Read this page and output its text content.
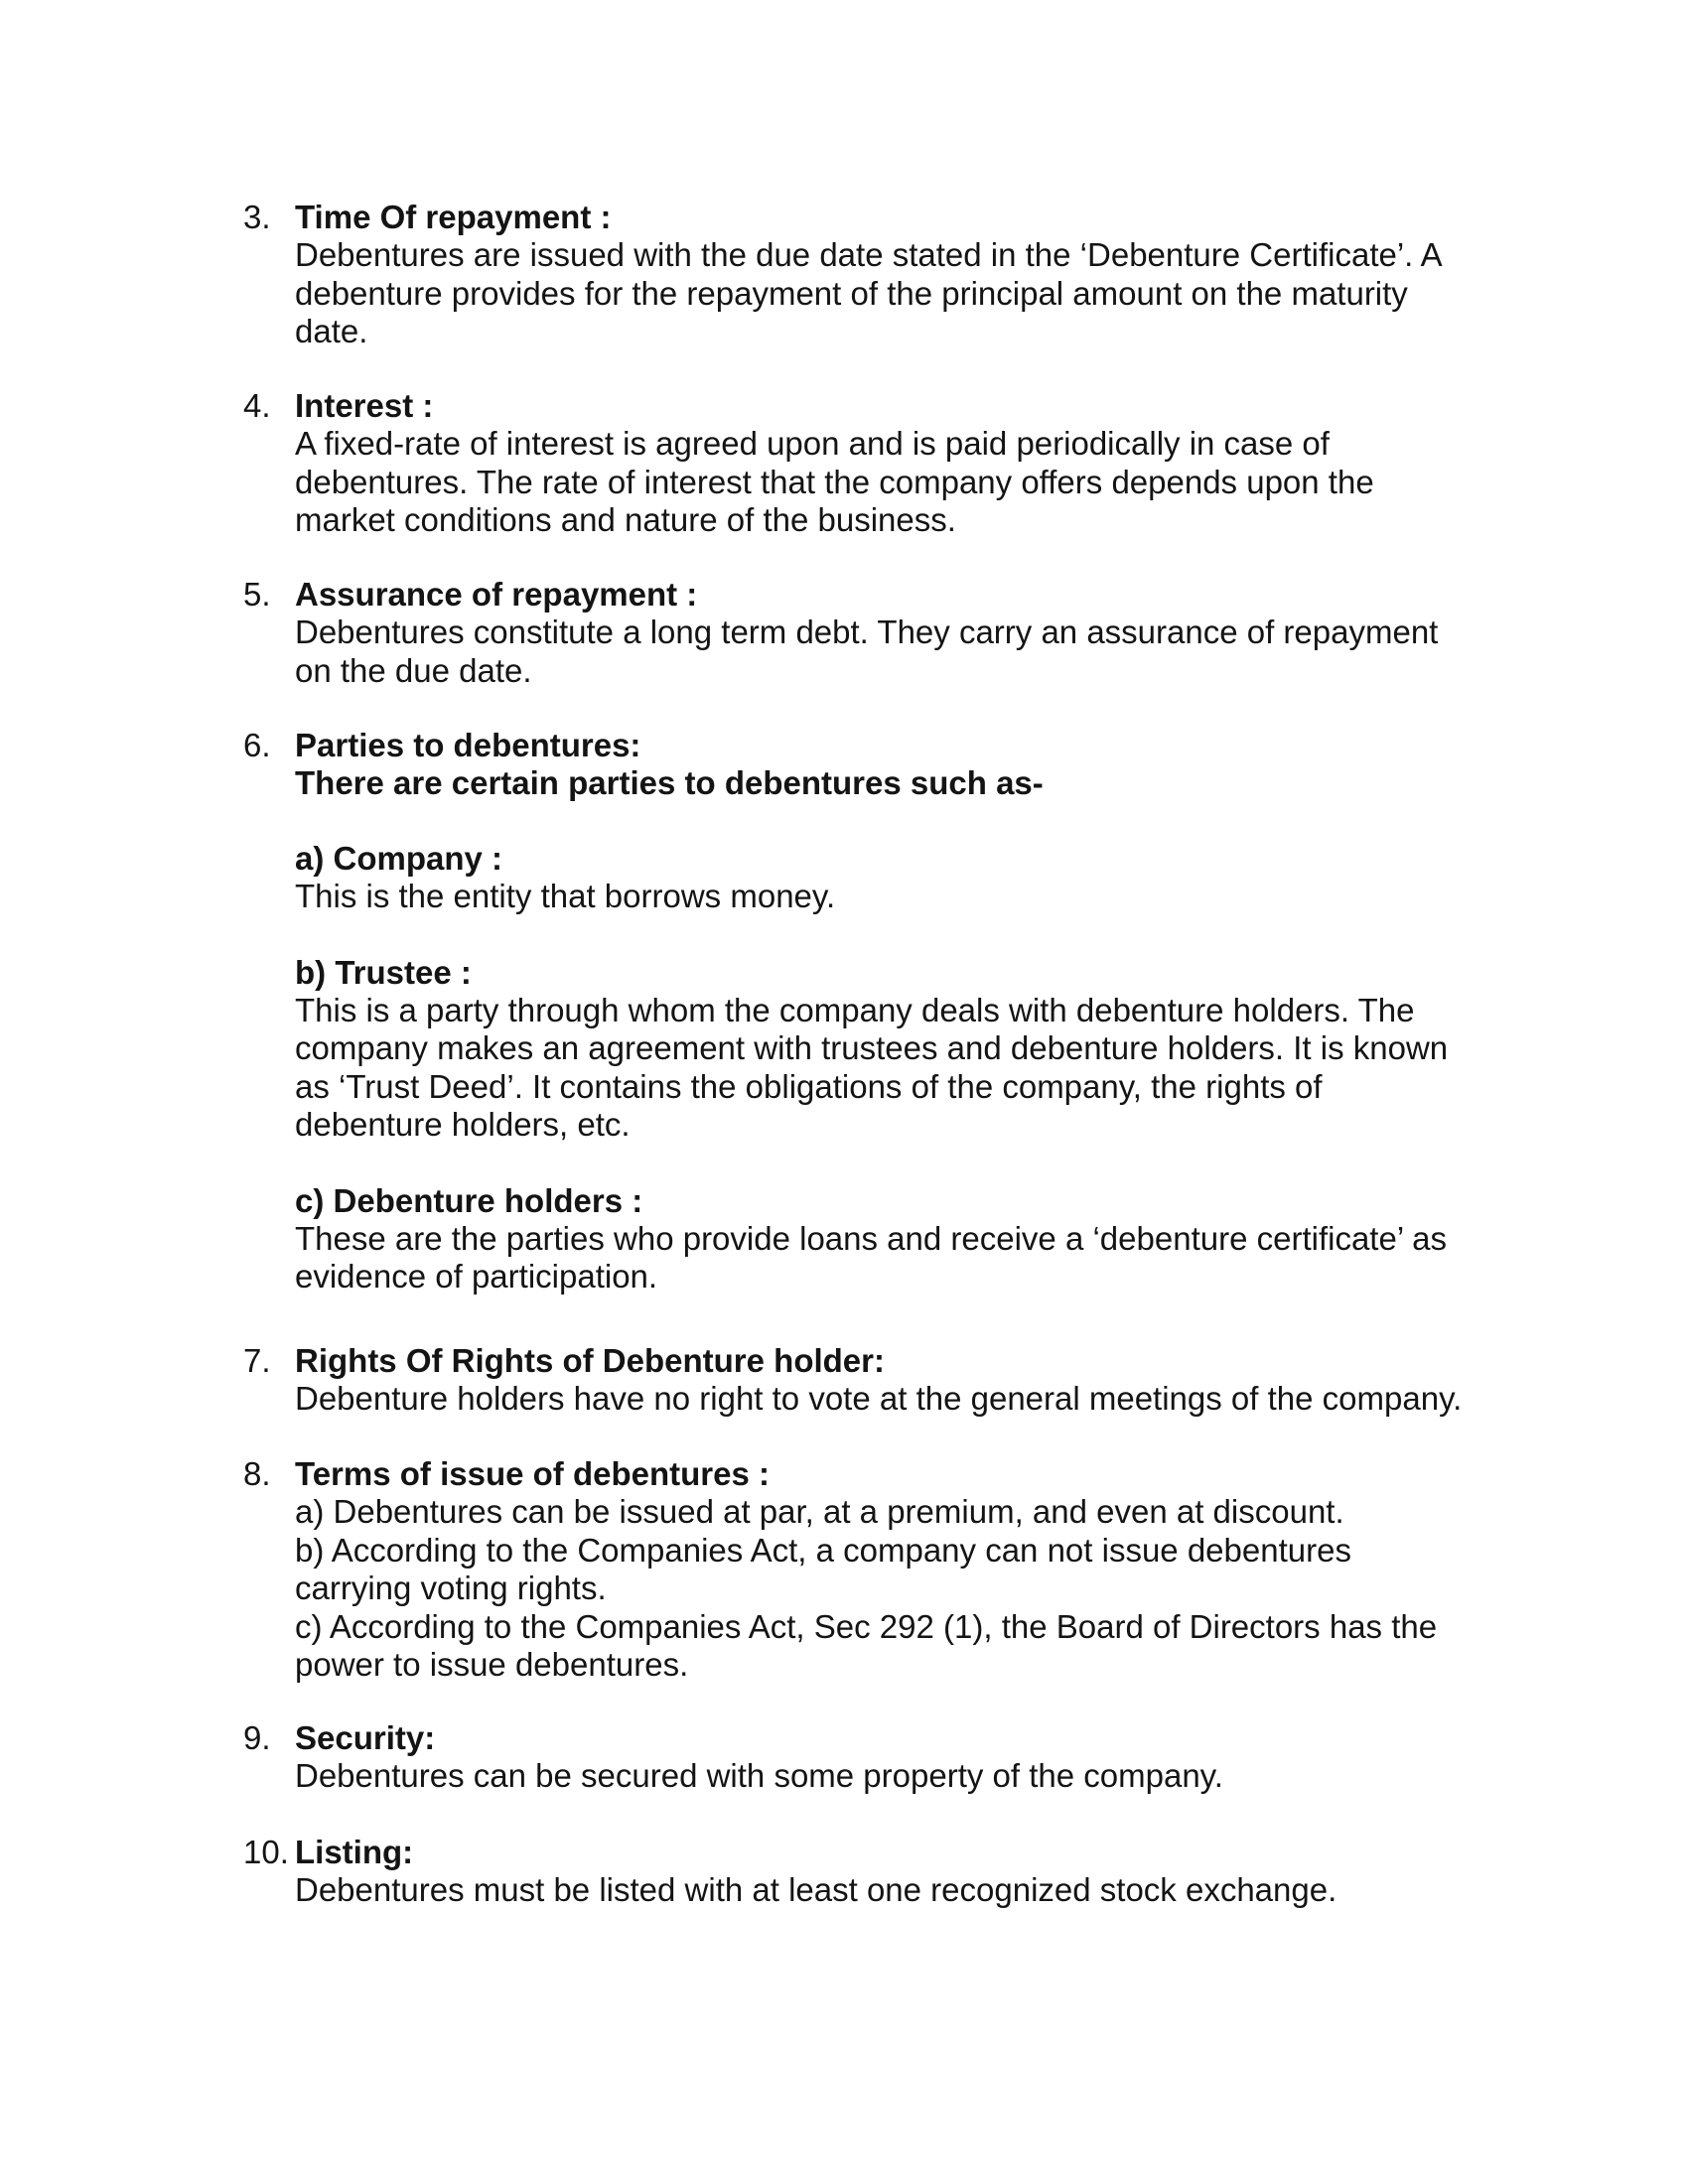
3. Time Of repayment :

Debentures are issued with the due date stated in the ‘Debenture Certificate’. A

debenture provides for the repayment of the principal amount on the maturity

date.

4. Interest :

A fixed-rate of interest is agreed upon and is paid periodically in case of

debentures. The rate of interest that the company offers depends upon the

market conditions and nature of the business.

5. Assurance of repayment :

Debentures constitute a long term debt. They carry an assurance of repayment

on the due date.

6. Parties to debentures:

There are certain parties to debentures such as-

a) Company :

This is the entity that borrows money.

b) Trustee :

This is a party through whom the company deals with debenture holders. The

company makes an agreement with trustees and debenture holders. It is known

as ‘Trust Deed’. It contains the obligations of the company, the rights of

debenture holders, etc.

c) Debenture holders :

These are the parties who provide loans and receive a ‘debenture certificate’ as

evidence of participation.

7. Rights Of Rights of Debenture holder:

Debenture holders have no right to vote at the general meetings of the company.

8. Terms of issue of debentures :

a) Debentures can be issued at par, at a premium, and even at discount.

b) According to the Companies Act, a company can not issue debentures

carrying voting rights.

c) According to the Companies Act, Sec 292 (1), the Board of Directors has the

power to issue debentures.

9. Security:

Debentures can be secured with some property of the company.

10. Listing:

Debentures must be listed with at least one recognized stock exchange.
